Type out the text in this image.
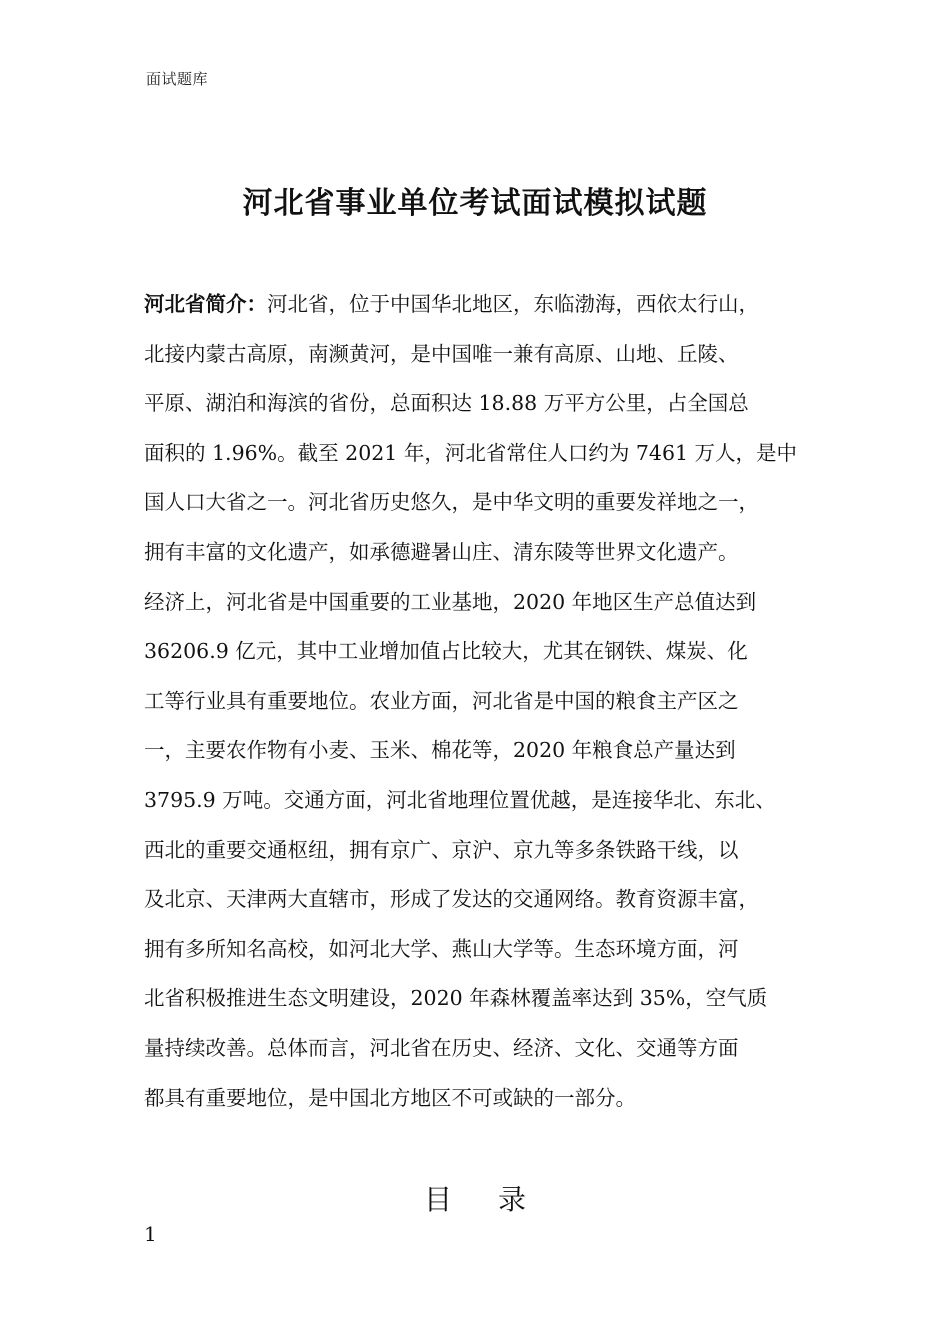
面试题库
河北省事业单位考试面试模拟试题
河北省简介：河北省，位于中国华北地区，东临渤海，西依太行山，
北接内蒙古高原，南濒黄河，是中国唯一兼有高原、山地、丘陵、
平原、湖泊和海滨的省份，总面积达 18.88 万平方公里，占全国总
面积的 1.96%。截至 2021 年，河北省常住人口约为 7461 万人，是中
国人口大省之一。河北省历史悠久，是中华文明的重要发祥地之一，
拥有丰富的文化遗产，如承德避暑山庄、清东陵等世界文化遗产。
经济上，河北省是中国重要的工业基地，2020 年地区生产总值达到
36206.9 亿元，其中工业增加值占比较大，尤其在钢铁、煤炭、化
工等行业具有重要地位。农业方面，河北省是中国的粮食主产区之
一，主要农作物有小麦、玉米、棉花等，2020 年粮食总产量达到
3795.9 万吨。交通方面，河北省地理位置优越，是连接华北、东北、
西北的重要交通枢纽，拥有京广、京沪、京九等多条铁路干线，以
及北京、天津两大直辖市，形成了发达的交通网络。教育资源丰富，
拥有多所知名高校，如河北大学、燕山大学等。生态环境方面，河
北省积极推进生态文明建设，2020 年森林覆盖率达到 35%，空气质
量持续改善。总体而言，河北省在历史、经济、文化、交通等方面
都具有重要地位，是中国北方地区不可或缺的一部分。
目 录
1
